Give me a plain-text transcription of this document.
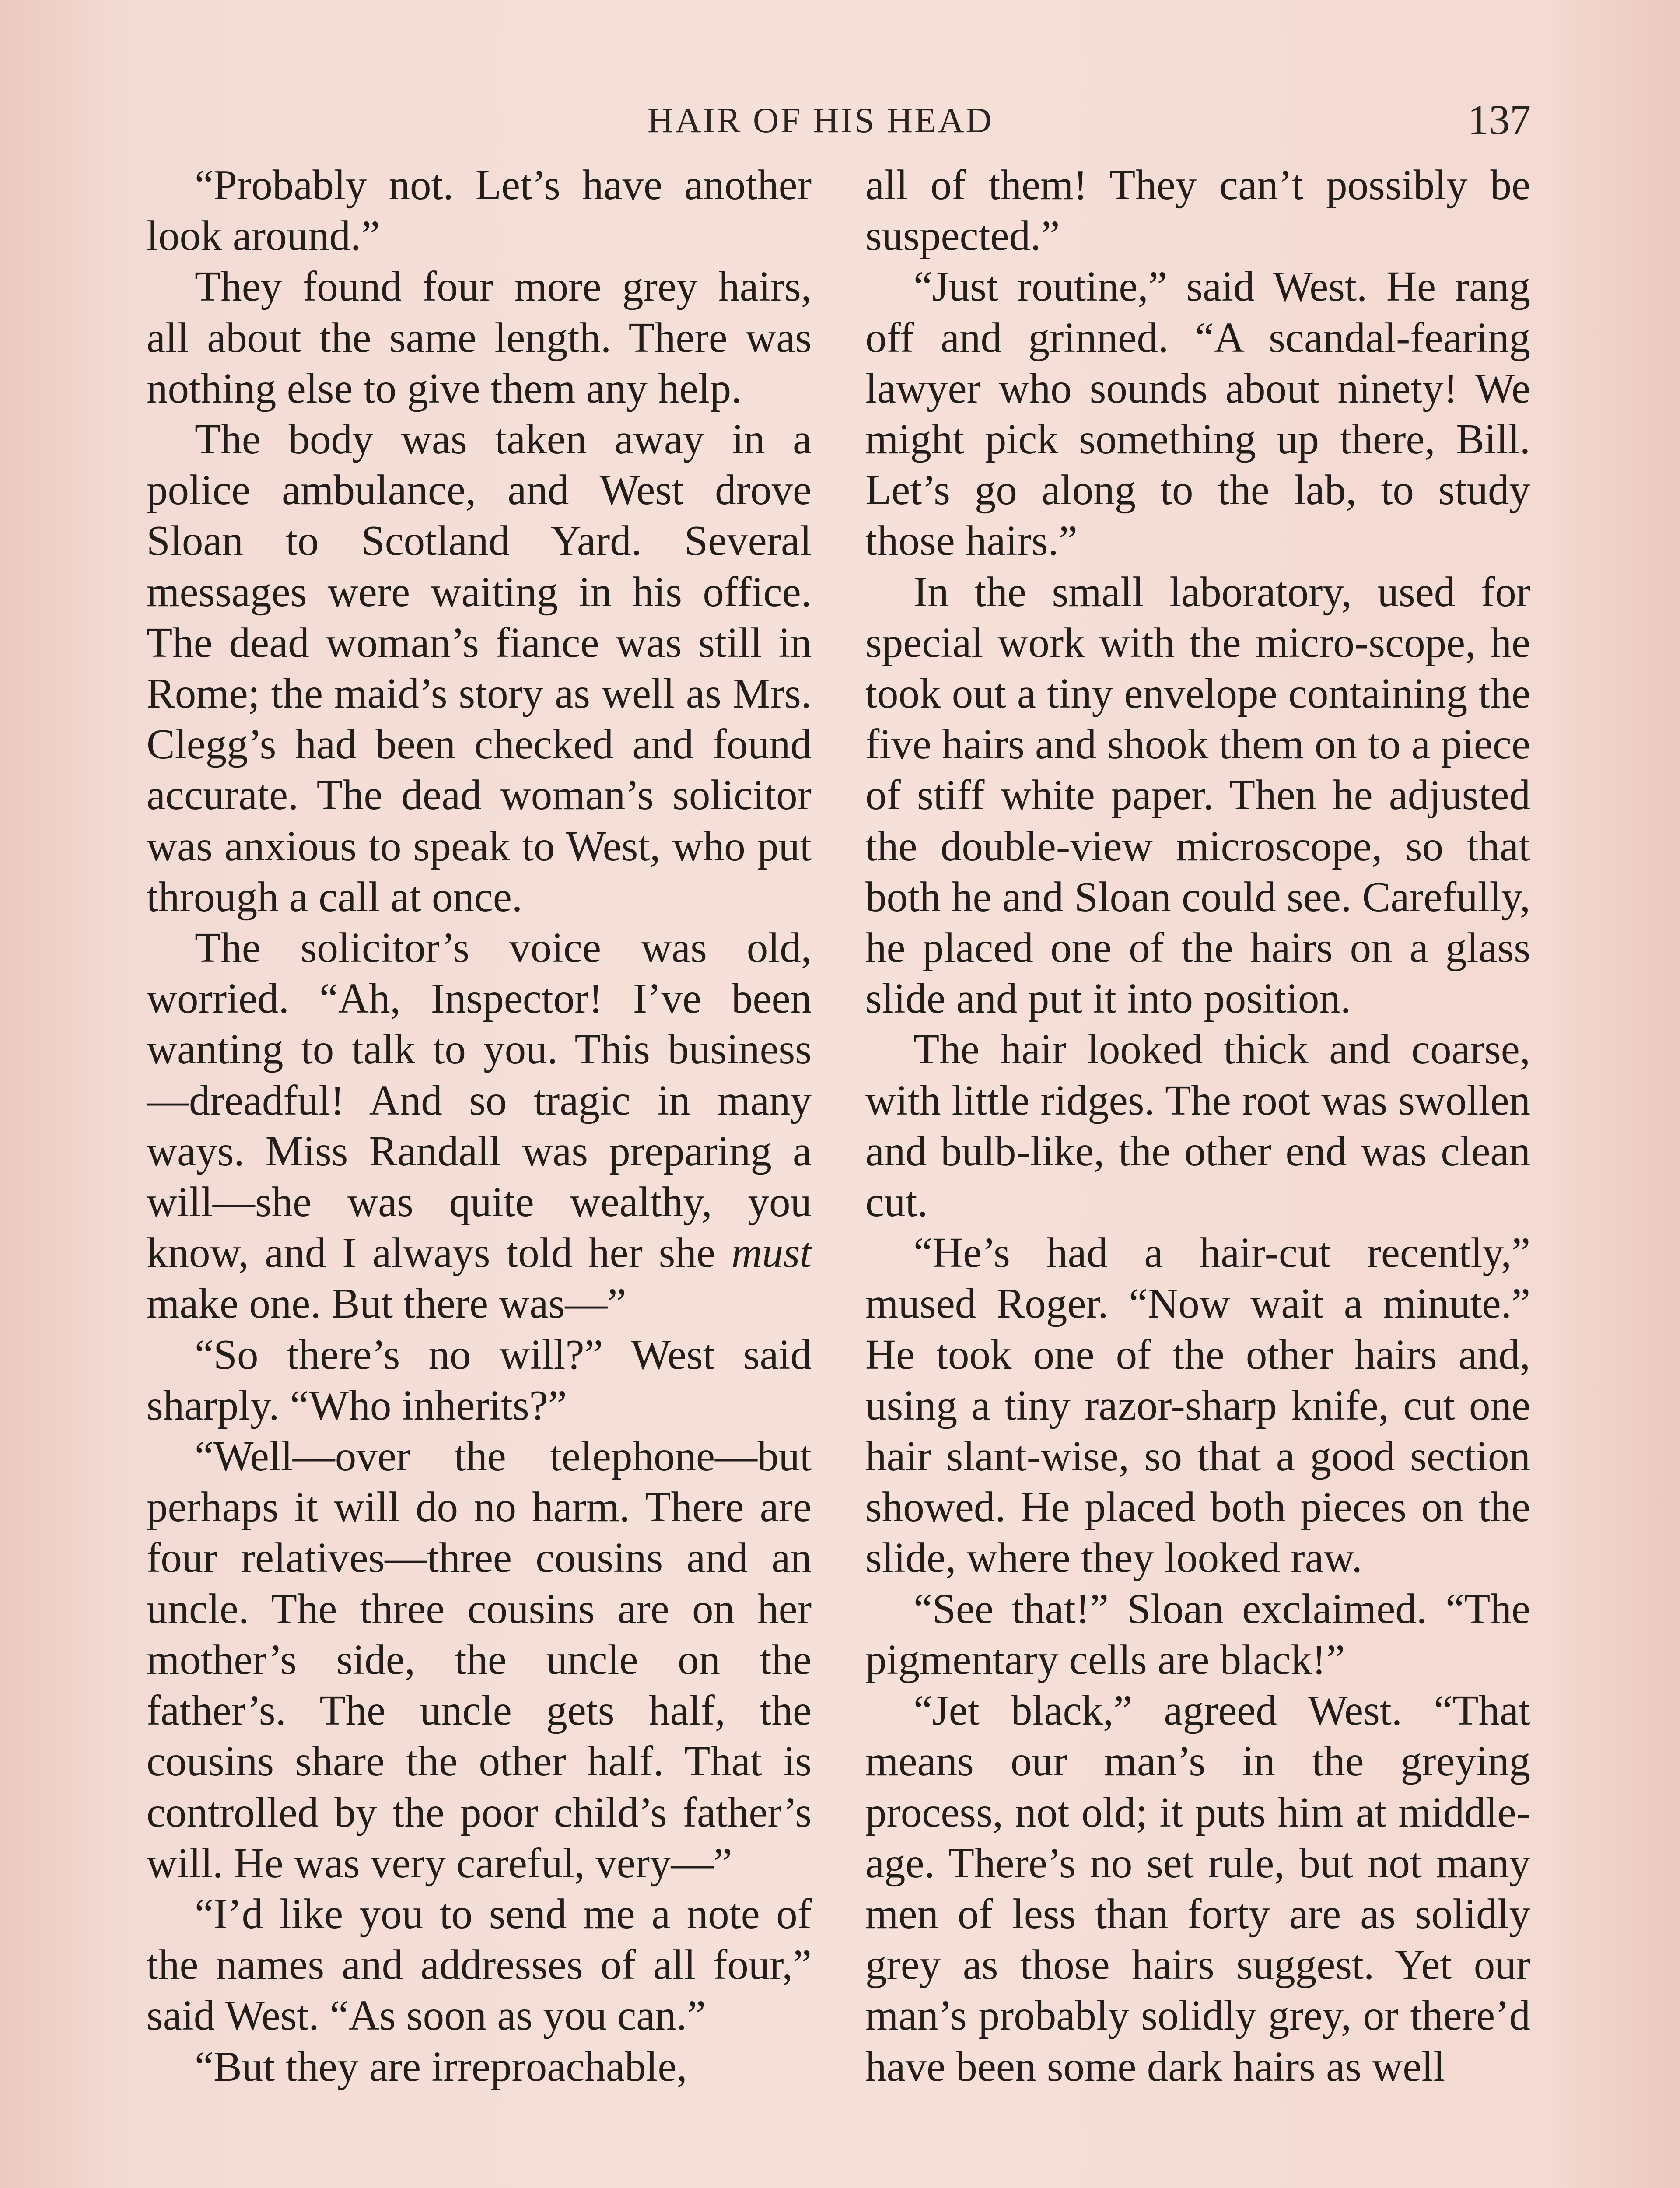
HAIR OF HIS HEAD	137

“Probably not. Let’s have another look around.”

They found four more grey hairs, all about the same length. There was nothing else to give them any help.

The body was taken away in a police ambulance, and West drove Sloan to Scotland Yard. Several messages were waiting in his office. The dead woman’s fiance was still in Rome; the maid’s story as well as Mrs. Clegg’s had been checked and found accurate. The dead woman’s solicitor was anxious to speak to West, who put through a call at once.

The solicitor’s voice was old, worried. “Ah, Inspector! I’ve been wanting to talk to you. This business—dreadful! And so tragic in many ways. Miss Randall was preparing a will—she was quite wealthy, you know, and I always told her she must make one. But there was—”

“So there’s no will?” West said sharply. “Who inherits?”

“Well—over the telephone—but perhaps it will do no harm. There are four relatives—three cousins and an uncle. The three cousins are on her mother’s side, the uncle on the father’s. The uncle gets half, the cousins share the other half. That is controlled by the poor child’s father’s will. He was very careful, very—”

“I’d like you to send me a note of the names and addresses of all four,” said West. “As soon as you can.”

“But they are irreproachable,

all of them! They can’t possibly be suspected.”

“Just routine,” said West. He rang off and grinned. “A scandal-fearing lawyer who sounds about ninety! We might pick something up there, Bill. Let’s go along to the lab, to study those hairs.”

In the small laboratory, used for special work with the micro-scope, he took out a tiny envelope containing the five hairs and shook them on to a piece of stiff white paper. Then he adjusted the double-view microscope, so that both he and Sloan could see. Carefully, he placed one of the hairs on a glass slide and put it into position.

The hair looked thick and coarse, with little ridges. The root was swollen and bulb-like, the other end was clean cut.

“He’s had a hair-cut recently,” mused Roger. “Now wait a minute.” He took one of the other hairs and, using a tiny razor-sharp knife, cut one hair slant-wise, so that a good section showed. He placed both pieces on the slide, where they looked raw.

“See that!” Sloan exclaimed. “The pigmentary cells are black!”

“Jet black,” agreed West. “That means our man’s in the greying process, not old; it puts him at middle-age. There’s no set rule, but not many men of less than forty are as solidly grey as those hairs suggest. Yet our man’s probably solidly grey, or there’d have been some dark hairs as well
